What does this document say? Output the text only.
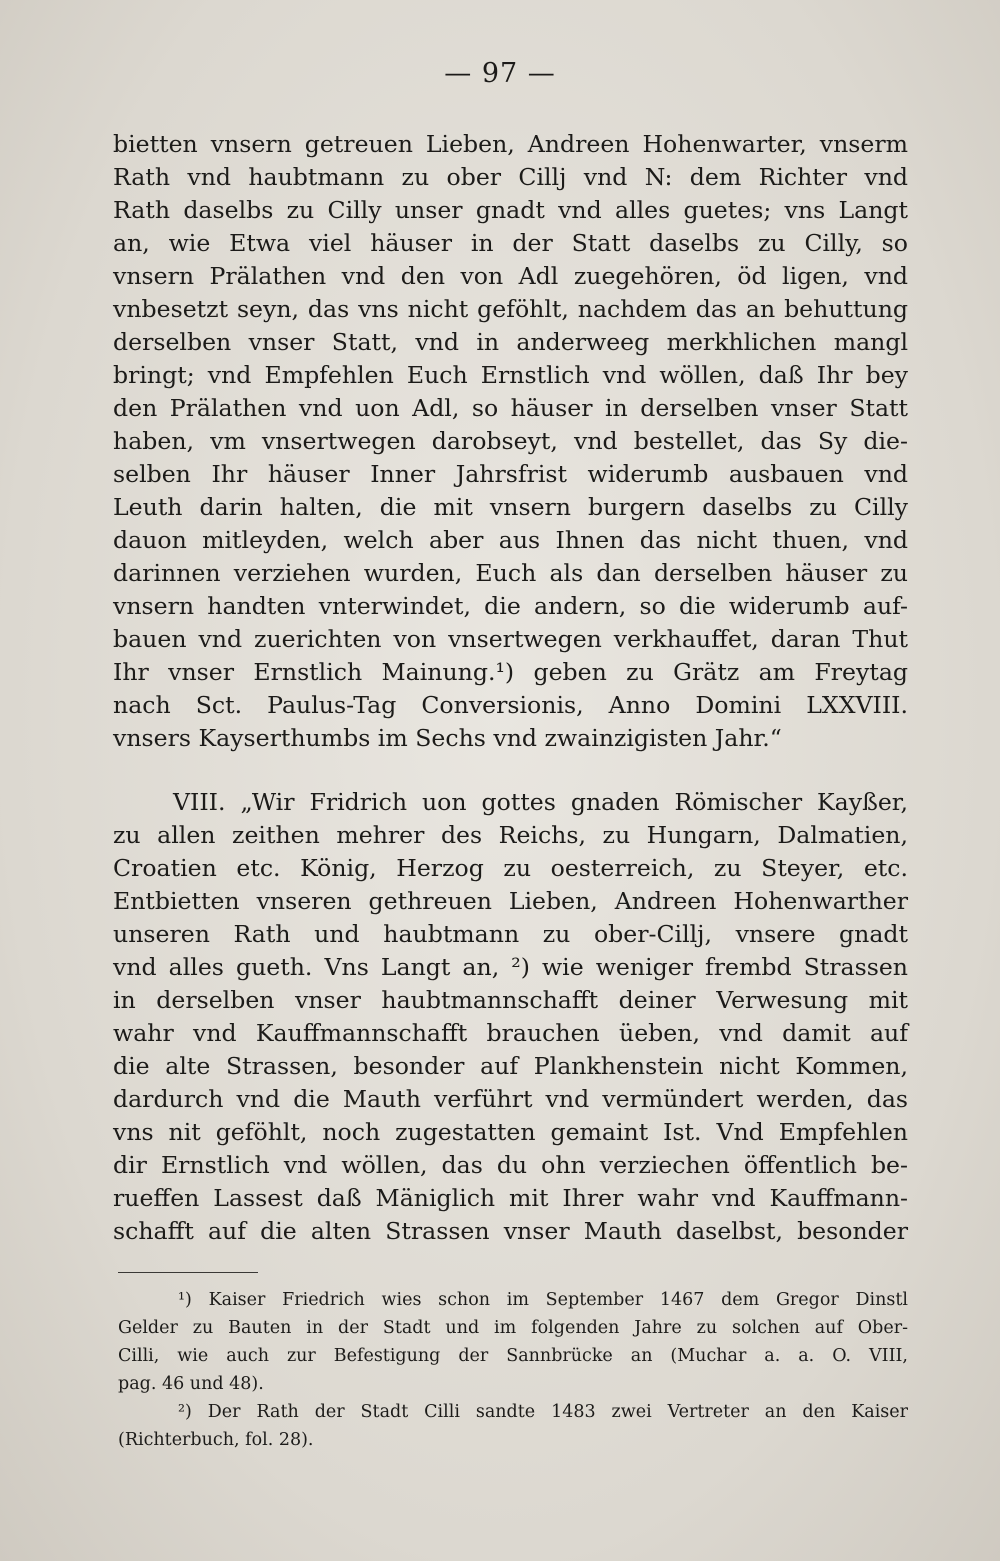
— 97 —
bietten vnsern getreuen Lieben, Andreen Hohenwarter, vnserm
Rath vnd haubtmann zu ober Cillj vnd N: dem Richter vnd
Rath daselbs zu Cilly unser gnadt vnd alles guetes; vns Langt
an, wie Etwa viel häuser in der Statt daselbs zu Cilly, so
vnsern Prälathen vnd den von Adl zuegehören, öd ligen, vnd
vnbesetzt seyn, das vns nicht geföhlt, nachdem das an behuttung
derselben vnser Statt, vnd in anderweeg merkhlichen mangl
bringt; vnd Empfehlen Euch Ernstlich vnd wöllen, daß Ihr bey
den Prälathen vnd uon Adl, so häuser in derselben vnser Statt
haben, vm vnsertwegen darobseyt, vnd bestellet, das Sy die-
selben Ihr häuser Inner Jahrsfrist widerumb ausbauen vnd
Leuth darin halten, die mit vnsern burgern daselbs zu Cilly
dauon mitleyden, welch aber aus Ihnen das nicht thuen, vnd
darinnen verziehen wurden, Euch als dan derselben häuser zu
vnsern handten vnterwindet, die andern, so die widerumb auf-
bauen vnd zuerichten von vnsertwegen verkhauffet, daran Thut
Ihr vnser Ernstlich Mainung.¹) geben zu Grätz am Freytag
nach Sct. Paulus-Tag Conversionis, Anno Domini LXXVIII.
vnsers Kayserthumbs im Sechs vnd zwainzigisten Jahr.“
VIII. „Wir Fridrich uon gottes gnaden Römischer Kayßer,
zu allen zeithen mehrer des Reichs, zu Hungarn, Dalmatien,
Croatien etc. König, Herzog zu oesterreich, zu Steyer, etc.
Entbietten vnseren gethreuen Lieben, Andreen Hohenwarther
unseren Rath und haubtmann zu ober-Cillj, vnsere gnadt
vnd alles gueth. Vns Langt an, ²) wie weniger frembd Strassen
in derselben vnser haubtmannschafft deiner Verwesung mit
wahr vnd Kauffmannschafft brauchen üeben, vnd damit auf
die alte Strassen, besonder auf Plankhenstein nicht Kommen,
dardurch vnd die Mauth verführt vnd vermündert werden, das
vns nit geföhlt, noch zugestatten gemaint Ist. Vnd Empfehlen
dir Ernstlich vnd wöllen, das du ohn verziechen öffentlich be-
rueffen Lassest daß Mäniglich mit Ihrer wahr vnd Kauffmann-
schafft auf die alten Strassen vnser Mauth daselbst, besonder
¹) Kaiser Friedrich wies schon im September 1467 dem Gregor Dinstl
Gelder zu Bauten in der Stadt und im folgenden Jahre zu solchen auf Ober-
Cilli, wie auch zur Befestigung der Sannbrücke an (Muchar a. a. O. VIII,
pag. 46 und 48).
²) Der Rath der Stadt Cilli sandte 1483 zwei Vertreter an den Kaiser
(Richterbuch, fol. 28).
